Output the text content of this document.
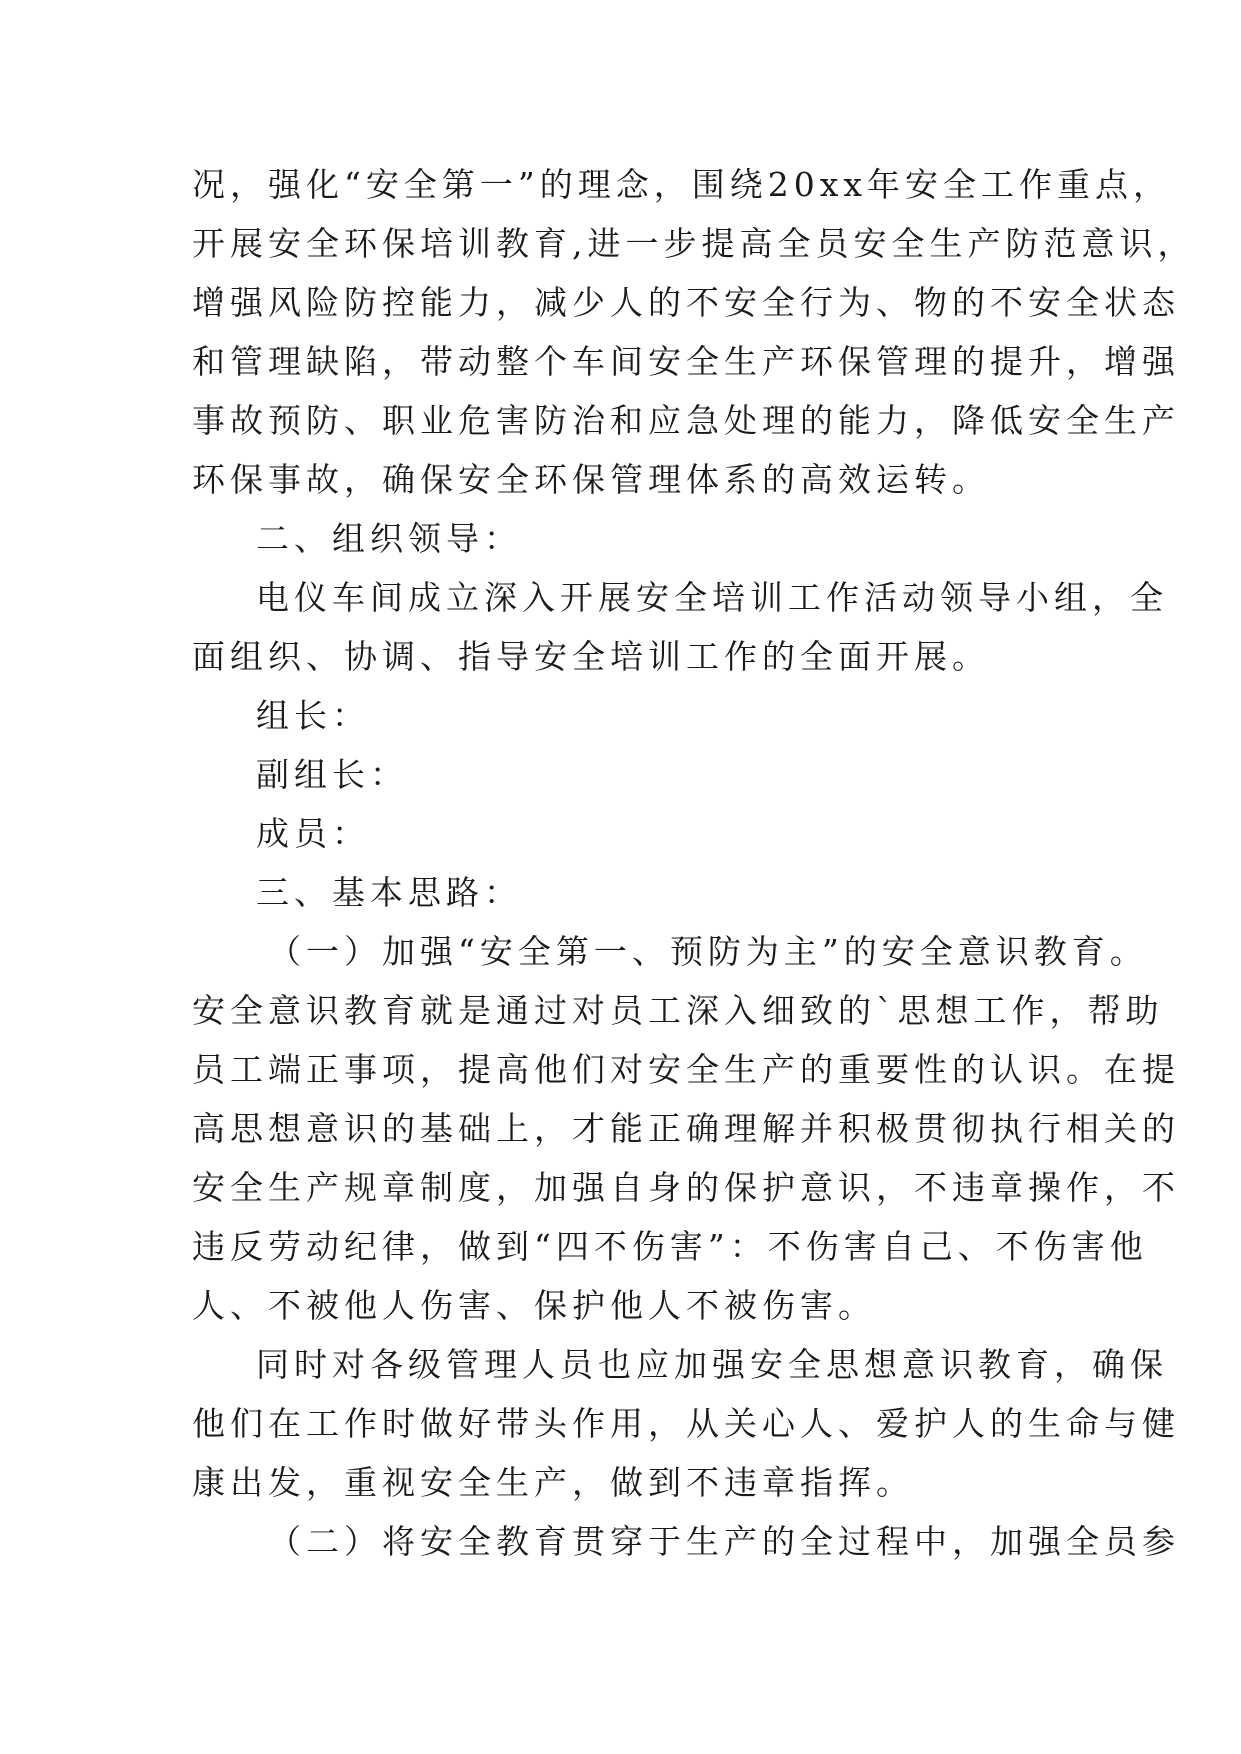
况，强化“安全第一”的理念，围绕20xx年安全工作重点，
开展安全环保培训教育,进一步提高全员安全生产防范意识，
增强风险防控能力，减少人的不安全行为、物的不安全状态
和管理缺陷，带动整个车间安全生产环保管理的提升，增强
事故预防、职业危害防治和应急处理的能力，降低安全生产
环保事故，确保安全环保管理体系的高效运转。
二、组织领导：
电仪车间成立深入开展安全培训工作活动领导小组，全
面组织、协调、指导安全培训工作的全面开展。
组长：
副组长：
成员：
三、基本思路：
（一）加强“安全第一、预防为主”的安全意识教育。
安全意识教育就是通过对员工深入细致的`思想工作，帮助
员工端正事项，提高他们对安全生产的重要性的认识。在提
高思想意识的基础上，才能正确理解并积极贯彻执行相关的
安全生产规章制度，加强自身的保护意识，不违章操作，不
违反劳动纪律，做到“四不伤害”：不伤害自己、不伤害他
人、不被他人伤害、保护他人不被伤害。
同时对各级管理人员也应加强安全思想意识教育，确保
他们在工作时做好带头作用，从关心人、爱护人的生命与健
康出发，重视安全生产，做到不违章指挥。
（二）将安全教育贯穿于生产的全过程中，加强全员参
